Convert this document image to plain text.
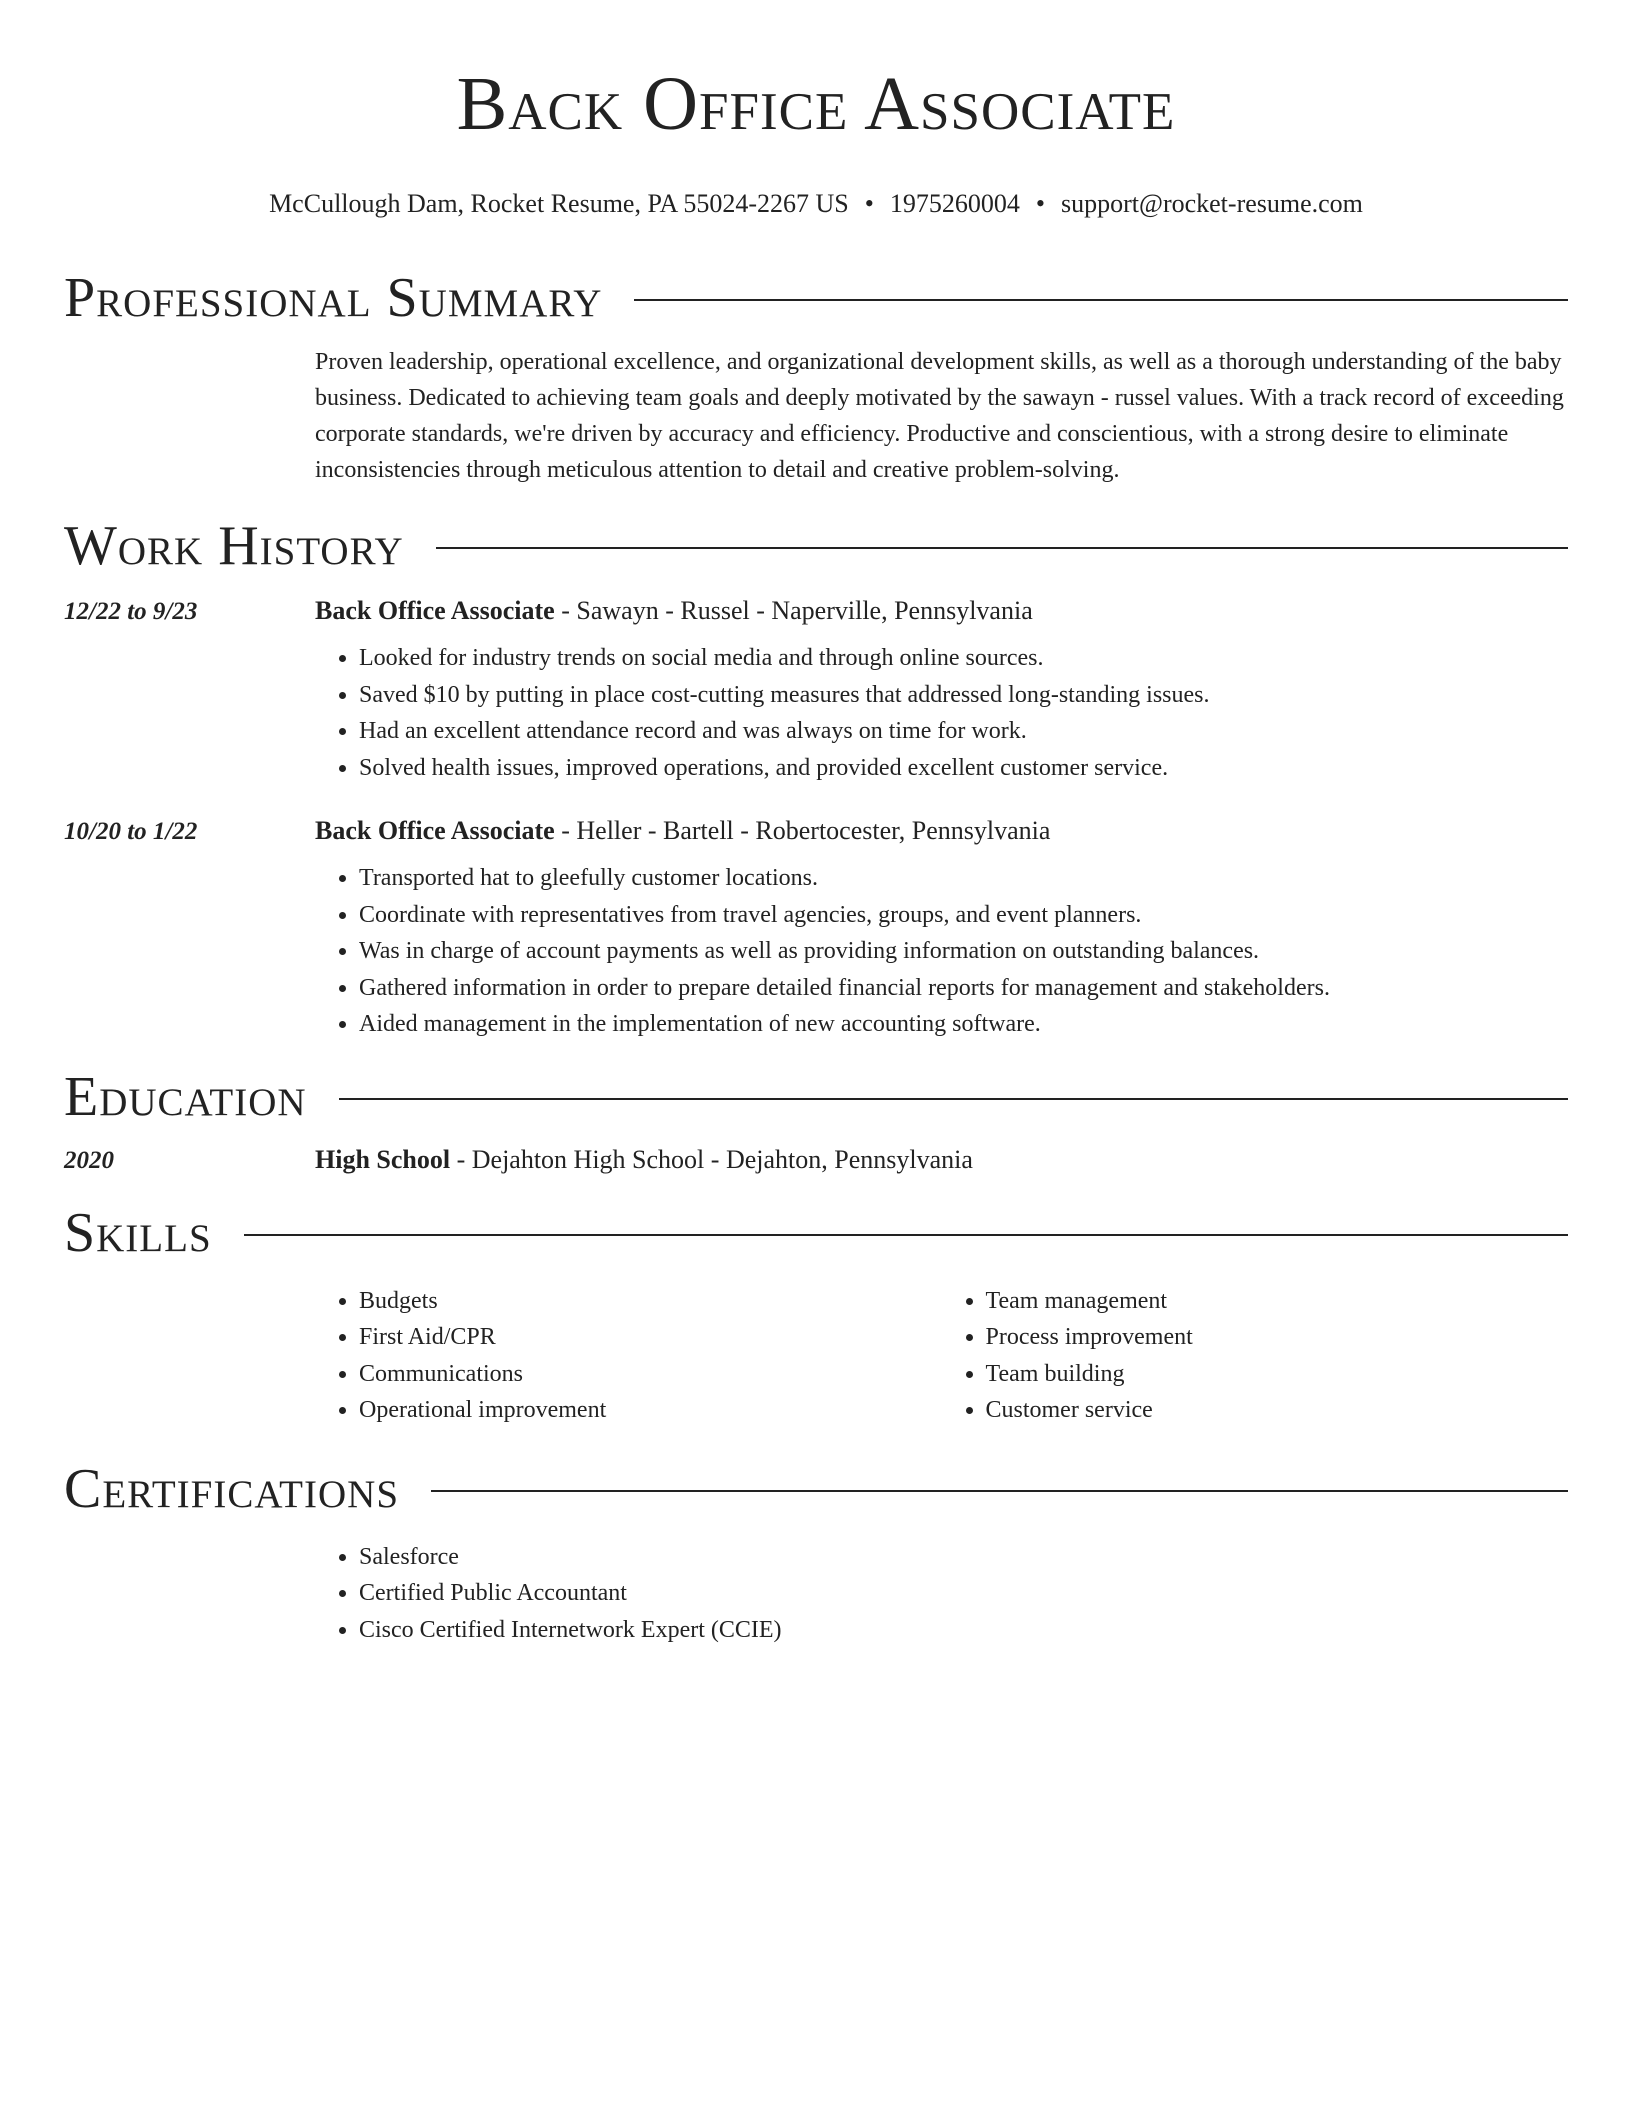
Back Office Associate
McCullough Dam, Rocket Resume, PA 55024-2267 US • 1975260004 • support@rocket-resume.com
Professional Summary
Proven leadership, operational excellence, and organizational development skills, as well as a thorough understanding of the baby business. Dedicated to achieving team goals and deeply motivated by the sawayn - russel values. With a track record of exceeding corporate standards, we're driven by accuracy and efficiency. Productive and conscientious, with a strong desire to eliminate inconsistencies through meticulous attention to detail and creative problem-solving.
Work History
12/22 to 9/23	Back Office Associate - Sawayn - Russel - Naperville, Pennsylvania
• Looked for industry trends on social media and through online sources.
• Saved $10 by putting in place cost-cutting measures that addressed long-standing issues.
• Had an excellent attendance record and was always on time for work.
• Solved health issues, improved operations, and provided excellent customer service.
10/20 to 1/22	Back Office Associate - Heller - Bartell - Robertocester, Pennsylvania
• Transported hat to gleefully customer locations.
• Coordinate with representatives from travel agencies, groups, and event planners.
• Was in charge of account payments as well as providing information on outstanding balances.
• Gathered information in order to prepare detailed financial reports for management and stakeholders.
• Aided management in the implementation of new accounting software.
Education
2020	High School - Dejahton High School - Dejahton, Pennsylvania
Skills
• Budgets
• First Aid/CPR
• Communications
• Operational improvement
• Team management
• Process improvement
• Team building
• Customer service
Certifications
• Salesforce
• Certified Public Accountant
• Cisco Certified Internetwork Expert (CCIE)
